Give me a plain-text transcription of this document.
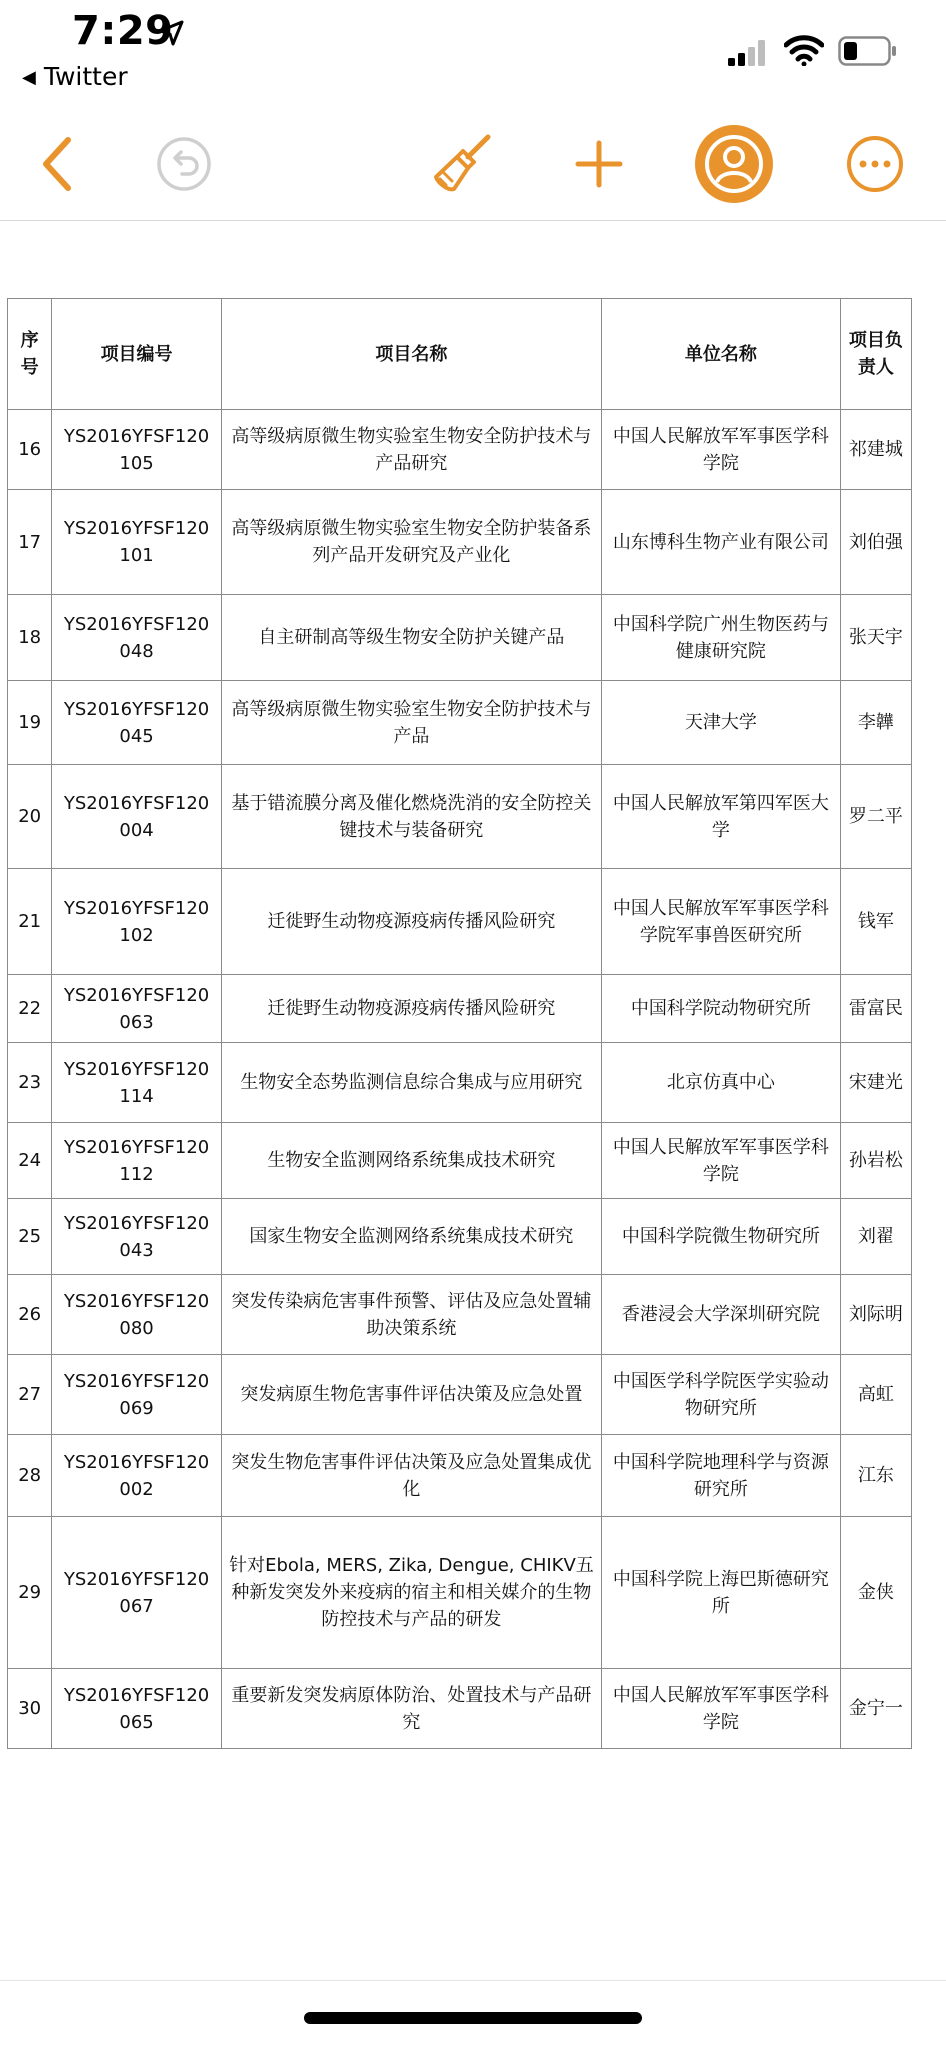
7:29
◀ Twitter
序号	项目编号	项目名称	单位名称	项目负责人
16	YS2016YFSF120105	高等级病原微生物实验室生物安全防护技术与产品研究	中国人民解放军军事医学科学院	祁建城
17	YS2016YFSF120101	高等级病原微生物实验室生物安全防护装备系列产品开发研究及产业化	山东博科生物产业有限公司	刘伯强
18	YS2016YFSF120048	自主研制高等级生物安全防护关键产品	中国科学院广州生物医药与健康研究院	张天宇
19	YS2016YFSF120045	高等级病原微生物实验室生物安全防护技术与产品	天津大学	李韡
20	YS2016YFSF120004	基于错流膜分离及催化燃烧洗消的安全防控关键技术与装备研究	中国人民解放军第四军医大学	罗二平
21	YS2016YFSF120102	迁徙野生动物疫源疫病传播风险研究	中国人民解放军军事医学科学院军事兽医研究所	钱军
22	YS2016YFSF120063	迁徙野生动物疫源疫病传播风险研究	中国科学院动物研究所	雷富民
23	YS2016YFSF120114	生物安全态势监测信息综合集成与应用研究	北京仿真中心	宋建光
24	YS2016YFSF120112	生物安全监测网络系统集成技术研究	中国人民解放军军事医学科学院	孙岩松
25	YS2016YFSF120043	国家生物安全监测网络系统集成技术研究	中国科学院微生物研究所	刘翟
26	YS2016YFSF120080	突发传染病危害事件预警、评估及应急处置辅助决策系统	香港浸会大学深圳研究院	刘际明
27	YS2016YFSF120069	突发病原生物危害事件评估决策及应急处置	中国医学科学院医学实验动物研究所	高虹
28	YS2016YFSF120002	突发生物危害事件评估决策及应急处置集成优化	中国科学院地理科学与资源研究所	江东
29	YS2016YFSF120067	针对Ebola, MERS, Zika, Dengue, CHIKV五种新发突发外来疫病的宿主和相关媒介的生物防控技术与产品的研发	中国科学院上海巴斯德研究所	金侠
30	YS2016YFSF120065	重要新发突发病原体防治、处置技术与产品研究	中国人民解放军军事医学科学院	金宁一
